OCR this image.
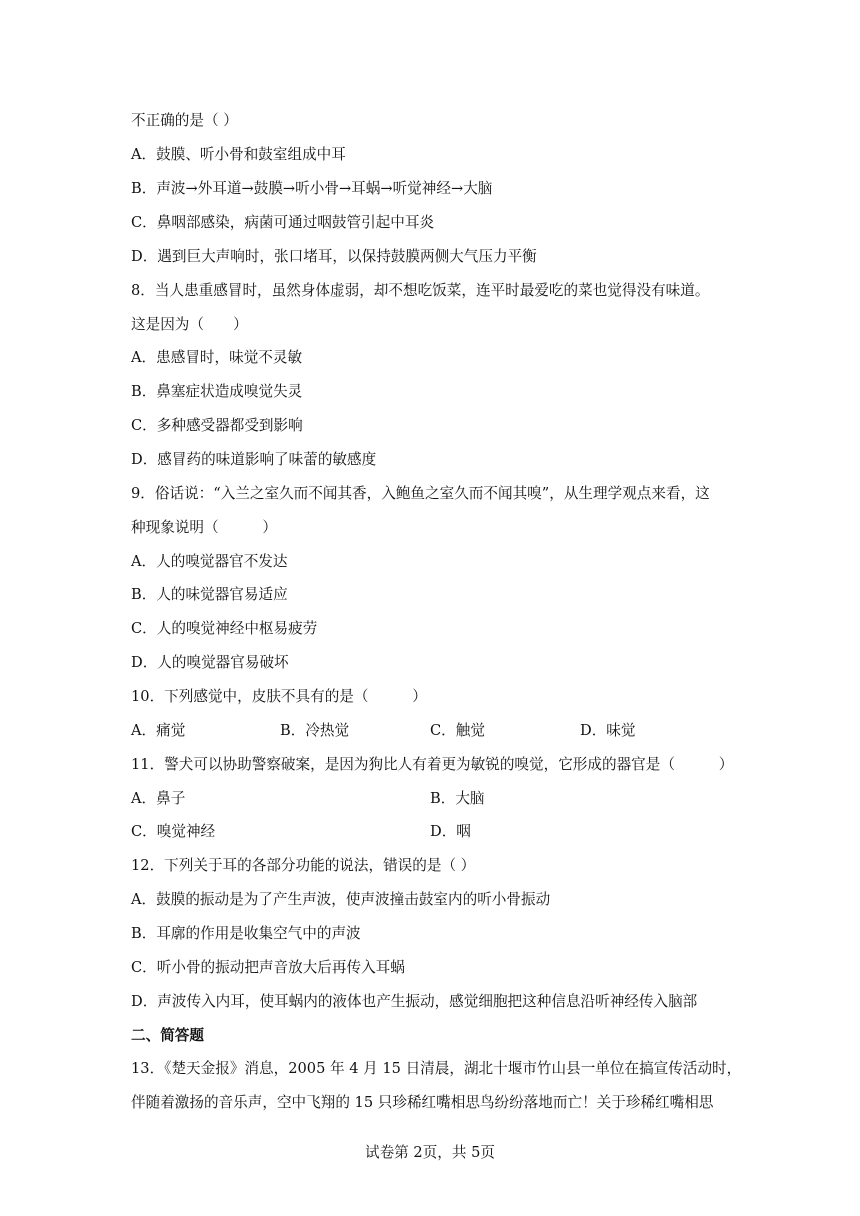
不正确的是（ ）
A．鼓膜、听小骨和鼓室组成中耳
B．声波→外耳道→鼓膜→听小骨→耳蜗→听觉神经→大脑
C．鼻咽部感染，病菌可通过咽鼓管引起中耳炎
D．遇到巨大声响时，张口堵耳，以保持鼓膜两侧大气压力平衡
8．当人患重感冒时，虽然身体虚弱，却不想吃饭菜，连平时最爱吃的菜也觉得没有味道。
这是因为（　　）
A．患感冒时，味觉不灵敏
B．鼻塞症状造成嗅觉失灵
C．多种感受器都受到影响
D．感冒药的味道影响了味蕾的敏感度
9．俗话说：“入兰之室久而不闻其香，入鲍鱼之室久而不闻其嗅”，从生理学观点来看，这
种现象说明（　　　）
A．人的嗅觉器官不发达
B．人的味觉器官易适应
C．人的嗅觉神经中枢易疲劳
D．人的嗅觉器官易破坏
10．下列感觉中，皮肤不具有的是（　　　）
A．痛觉	B．冷热觉	C．触觉	D．味觉
11．警犬可以协助警察破案，是因为狗比人有着更为敏锐的嗅觉，它形成的器官是（　　　）
A．鼻子	B．大脑
C．嗅觉神经	D．咽
12．下列关于耳的各部分功能的说法，错误的是（ ）
A．鼓膜的振动是为了产生声波，使声波撞击鼓室内的听小骨振动
B．耳廓的作用是收集空气中的声波
C．听小骨的振动把声音放大后再传入耳蜗
D．声波传入内耳，使耳蜗内的液体也产生振动，感觉细胞把这种信息沿听神经传入脑部
二、简答题
13．《楚天金报》消息，2005 年 4 月 15 日清晨，湖北十堰市竹山县一单位在搞宣传活动时，
伴随着激扬的音乐声，空中飞翔的 15 只珍稀红嘴相思鸟纷纷落地而亡！关于珍稀红嘴相思
试卷第 2页，共 5页
